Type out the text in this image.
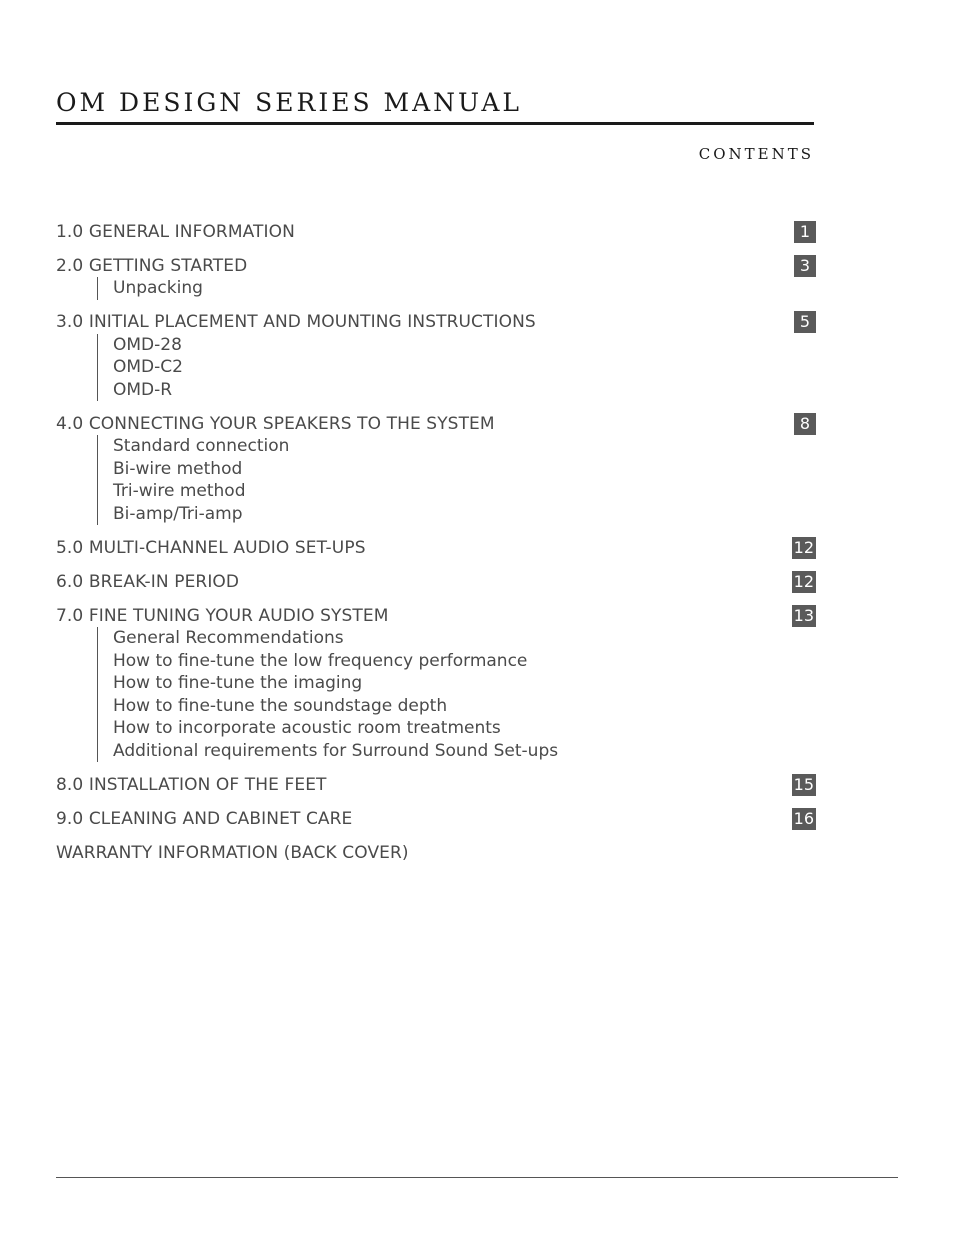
OM DESIGN SERIES MANUAL
CONTENTS
1.0 GENERAL INFORMATION	1
2.0 GETTING STARTED	3
Unpacking
3.0 INITIAL PLACEMENT AND MOUNTING INSTRUCTIONS	5
OMD-28
OMD-C2
OMD-R
4.0 CONNECTING YOUR SPEAKERS TO THE SYSTEM	8
Standard connection
Bi-wire method
Tri-wire method
Bi-amp/Tri-amp
5.0 MULTI-CHANNEL AUDIO SET-UPS	12
6.0 BREAK-IN PERIOD	12
7.0 FINE TUNING YOUR AUDIO SYSTEM	13
General Recommendations
How to fine-tune the low frequency performance
How to fine-tune the imaging
How to fine-tune the soundstage depth
How to incorporate acoustic room treatments
Additional requirements for Surround Sound Set-ups
8.0 INSTALLATION OF THE FEET	15
9.0 CLEANING AND CABINET CARE	16
WARRANTY INFORMATION (BACK COVER)
